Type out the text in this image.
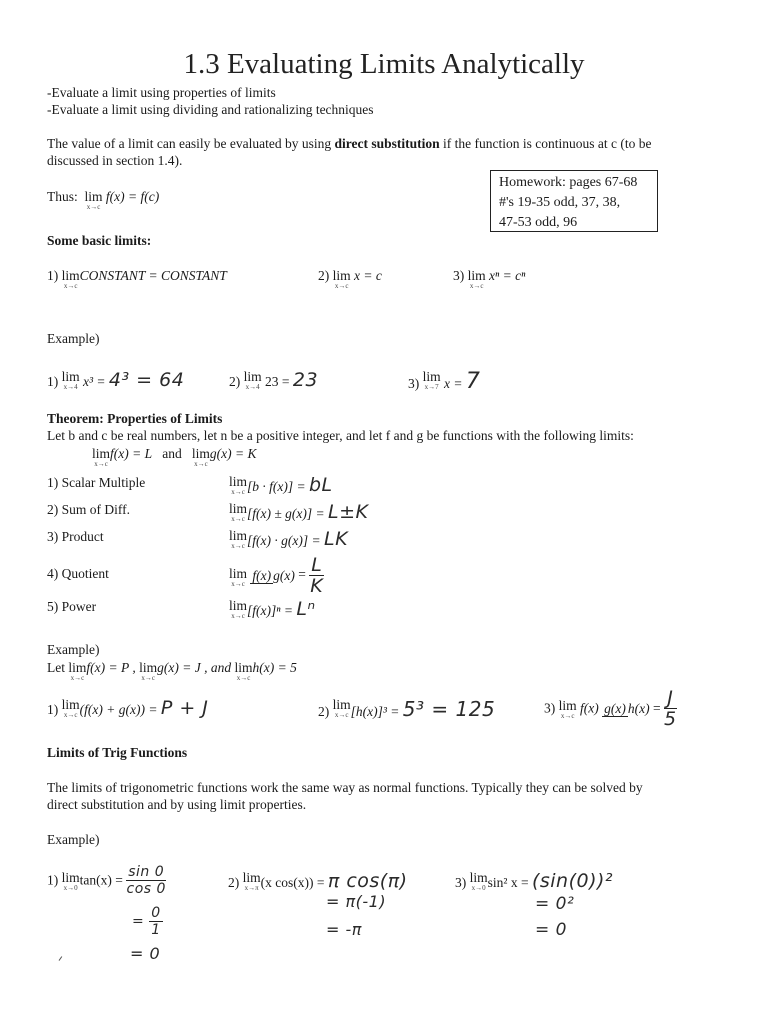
1.3 Evaluating Limits Analytically
-Evaluate a limit using properties of limits
-Evaluate a limit using dividing and rationalizing techniques
The value of a limit can easily be evaluated by using direct substitution if the function is continuous at c (to be
discussed in section 1.4).
Thus: lim
x→c
f(x) = f(c)
Homework: pages 67-68
#'s 19-35 odd, 37, 38,
47-53 odd, 96
Some basic limits:
1) lim
x→c
CONSTANT = CONSTANT	2) lim
x→c
x = c	3) lim
x→c
xⁿ = cⁿ
Example)
1) lim
x→4 x³ = 4³ = 64	2) lim
x→4 23 = 23	3) lim
x→7 x = 7
Theorem: Properties of Limits
Let b and c be real numbers, let n be a positive integer, and let f and g be functions with the following limits:
lim
x→c
f(x) = L and lim
x→c
g(x) = K
1) Scalar Multiple	lim
x→c [b · f(x)] = bL
2) Sum of Diff.	lim
x→c [f(x) ± g(x)] = L±K
3) Product	lim
x→c [f(x) · g(x)] = LK
4) Quotient	lim
x→c
f(x) $g(x) = \frac{L}{K}$
5) Power	lim
x→c [f(x)]ⁿ = Lⁿ
Example)
Let lim
x→c
f(x) = P , lim
x→c
g(x) = J , and lim
x→c
h(x) = 5
1) lim
x→c (f(x) + g(x)) = P + J	2) lim
x→c [h(x)]³ = 5³ = 125	3) lim
x→c f(x) g(x) $h(x) = \frac{J}{5}$
Limits of Trig Functions
The limits of trigonometric functions work the same way as normal functions. Typically they can be solved by
direct substitution and by using limit properties.
Example)
1) lim
x→0 $\tan(x) = \frac{\sin 0}{\cos 0}$
= $\frac{0}{1}$
= 0
2) lim
x→π (x cos(x)) = π cos(π)
= π(-1)
= -π
3) lim
x→0 sin² x = (sin(0))²
= 0²
= 0
